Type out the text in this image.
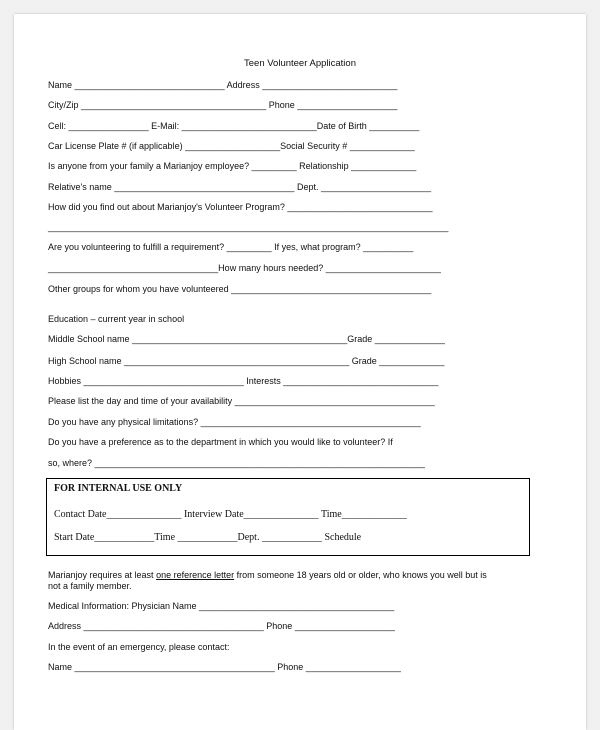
Teen Volunteer Application
Name ______________________________ Address ___________________________
City/Zip _____________________________________ Phone ____________________
Cell: ________________ E-Mail: ___________________________Date of Birth __________
Car License Plate # (if applicable) ___________________Social Security # _____________
Is anyone from your family a Marianjoy employee? _________ Relationship _____________
Relative's name ____________________________________ Dept. ______________________
How did you find out about Marianjoy's Volunteer Program? _____________________________
________________________________________________________________________________
Are you volunteering to fulfill a requirement? _________ If yes, what program? __________
__________________________________How many hours needed? _______________________
Other groups for whom you have volunteered ________________________________________
Education – current year in school
Middle School name ___________________________________________Grade ______________
High School name _____________________________________________ Grade _____________
Hobbies ________________________________ Interests _______________________________
Please list the day and time of your availability ________________________________________
Do you have any physical limitations? ____________________________________________
Do you have a preference as to the department in which you would like to volunteer? If
so, where? __________________________________________________________________
FOR INTERNAL USE ONLY
Contact Date_______________ Interview Date_______________ Time_____________
Start Date____________Time ____________Dept. ____________ Schedule
Marianjoy requires at least one reference letter from someone 18 years old or older, who knows you well but is
not a family member.
Medical Information: Physician Name _______________________________________
Address ____________________________________ Phone ____________________
In the event of an emergency, please contact:
Name ________________________________________ Phone ___________________
